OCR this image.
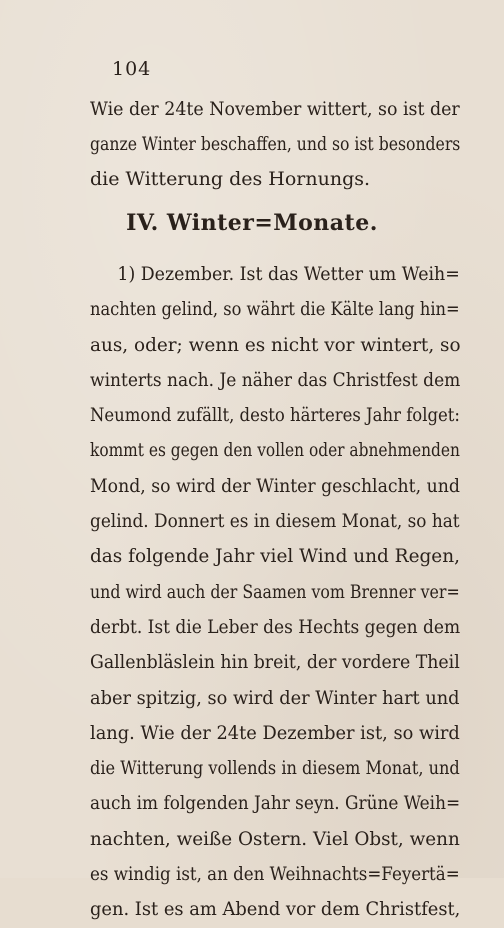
104
Wie der 24te November wittert, so ist der
ganze Winter beschaffen, und so ist besonders
die Witterung des Hornungs.
IV. Winter=Monate.
1) Dezember. Ist das Wetter um Weih=
nachten gelind, so währt die Kälte lang hin=
aus, oder; wenn es nicht vor wintert, so
winterts nach. Je näher das Christfest dem
Neumond zufällt, desto härteres Jahr folget:
kommt es gegen den vollen oder abnehmenden
Mond, so wird der Winter geschlacht, und
gelind. Donnert es in diesem Monat, so hat
das folgende Jahr viel Wind und Regen,
und wird auch der Saamen vom Brenner ver=
derbt. Ist die Leber des Hechts gegen dem
Gallenbläslein hin breit, der vordere Theil
aber spitzig, so wird der Winter hart und
lang. Wie der 24te Dezember ist, so wird
die Witterung vollends in diesem Monat, und
auch im folgenden Jahr seyn. Grüne Weih=
nachten, weiße Ostern. Viel Obst, wenn
es windig ist, an den Weihnachts=Feyertä=
gen. Ist es am Abend vor dem Christfest,
